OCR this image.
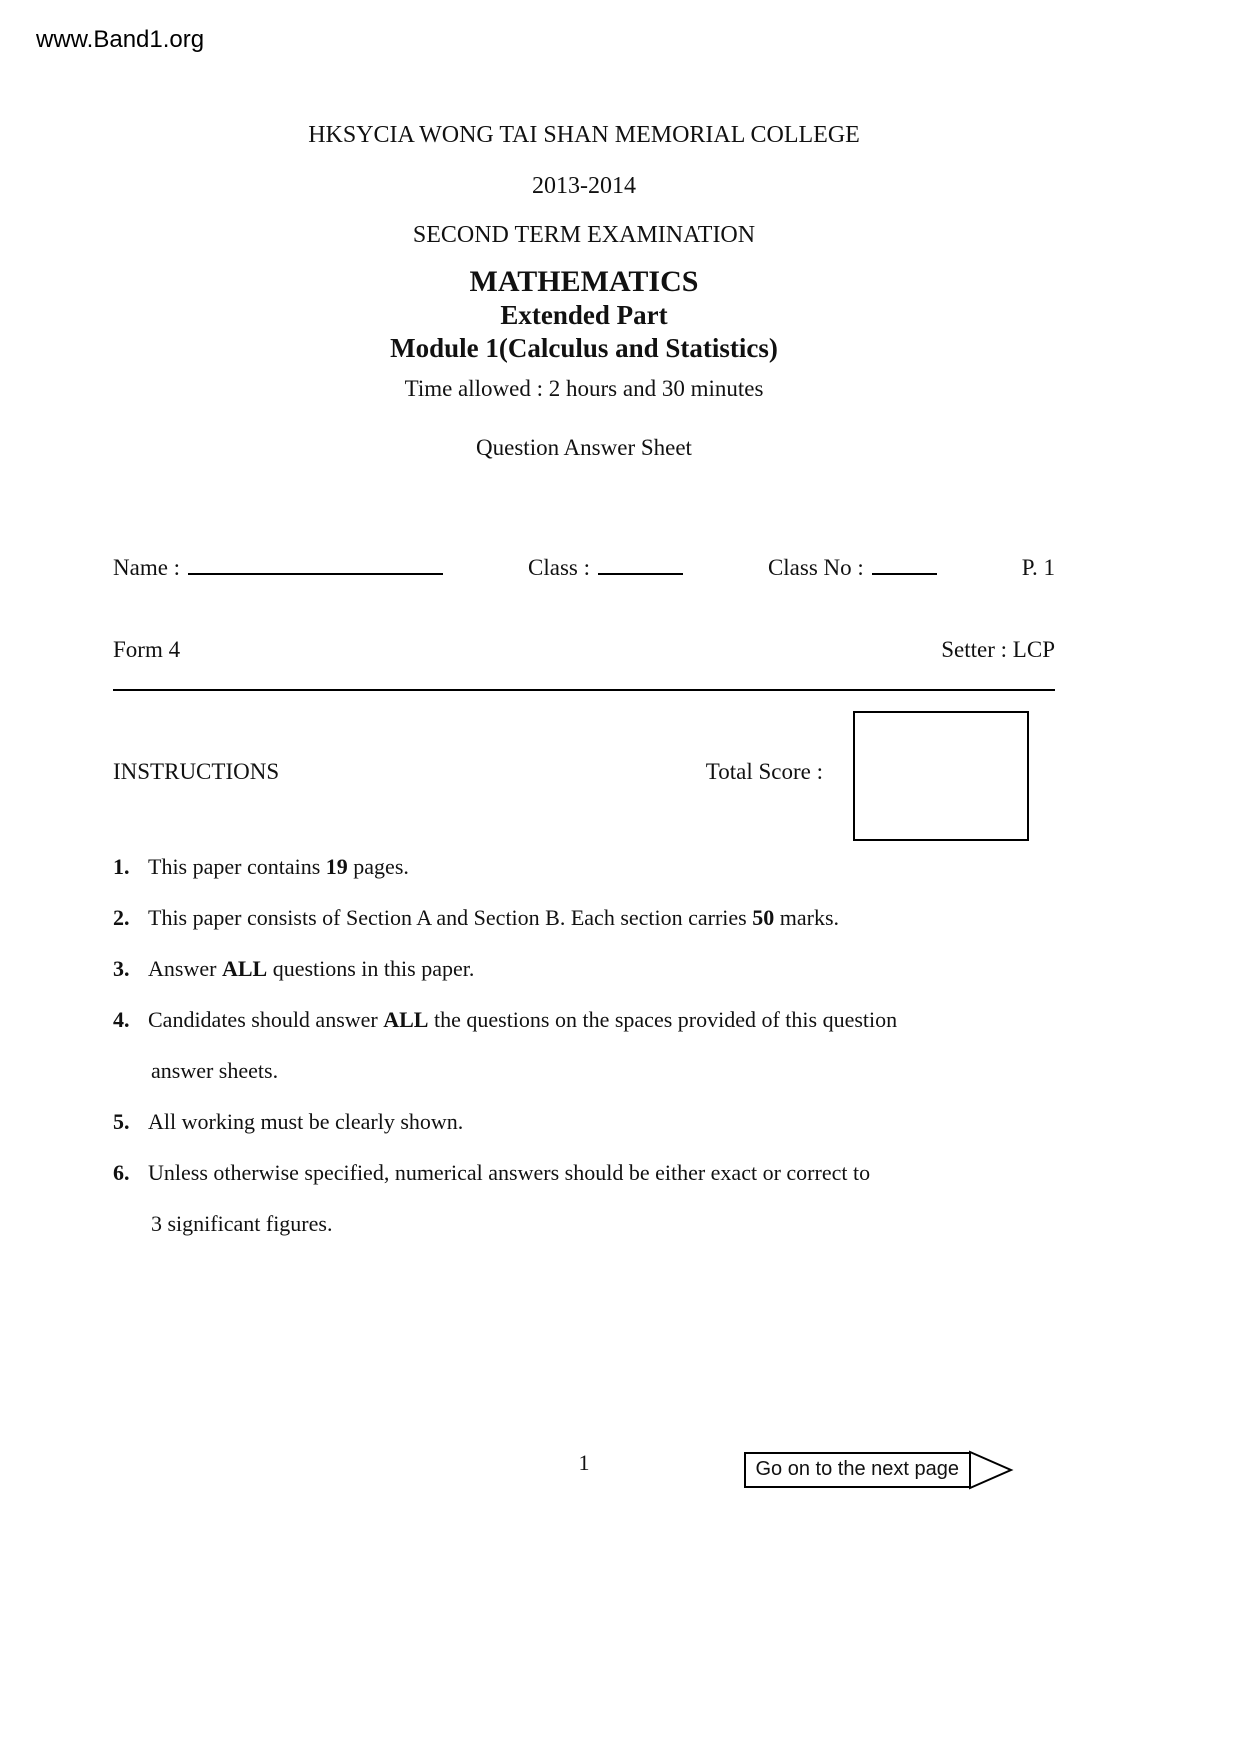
www.Band1.org
HKSYCIA WONG TAI SHAN MEMORIAL COLLEGE
2013-2014
SECOND TERM EXAMINATION
MATHEMATICS
Extended Part
Module 1(Calculus and Statistics)
Time allowed : 2 hours and 30 minutes
Question Answer Sheet
Name :	Class :	Class No :	P. 1
Form 4	Setter : LCP
INSTRUCTIONS	Total Score :
1. This paper contains 19 pages.
2. This paper consists of Section A and Section B. Each section carries 50 marks.
3. Answer ALL questions in this paper.
4. Candidates should answer ALL the questions on the spaces provided of this question
answer sheets.
5. All working must be clearly shown.
6. Unless otherwise specified, numerical answers should be either exact or correct to
3 significant figures.
1	Go on to the next page
